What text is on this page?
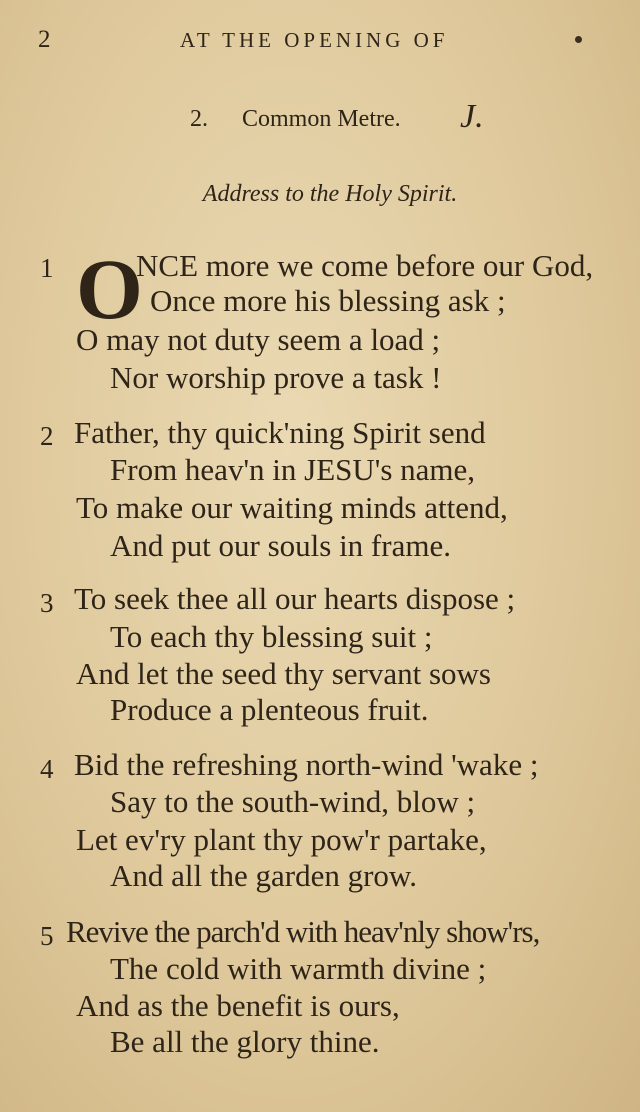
2	AT THE OPENING OF
2. Common Metre. J.
Address to the Holy Spirit.
1 O
NCE more we come before our God,
Once more his blessing ask ;
O may not duty seem a load ;
Nor worship prove a task !
2 Father, thy quick'ning Spirit send
From heav'n in JESU's name,
To make our waiting minds attend,
And put our souls in frame.
3 To seek thee all our hearts dispose ;
To each thy blessing suit ;
And let the seed thy servant sows
Produce a plenteous fruit.
4 Bid the refreshing north-wind 'wake ;
Say to the south-wind, blow ;
Let ev'ry plant thy pow'r partake,
And all the garden grow.
5 Revive the parch'd with heav'nly show'rs,
The cold with warmth divine ;
And as the benefit is ours,
Be all the glory thine.
